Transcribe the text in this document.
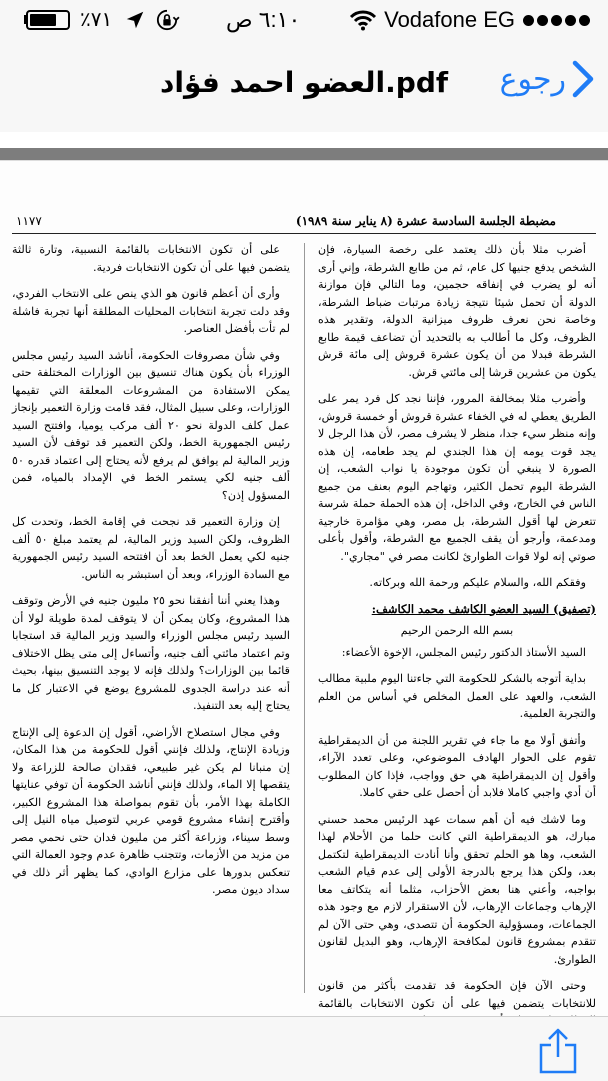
٪٧١	٦:١٠ ص	Vodafone EG
العضو احمد فؤاد.pdf رجوع
مضبطة الجلسة السادسة عشرة (٨ يناير سنة ١٩٨٩)
١١٧٧

أضرب مثلا بأن ذلك يعتمد على رخصة السيارة، فإن الشخص يدفع جنيها كل عام، ثم من طابع الشرطة، وإني أرى أنه لو يضرب في إنفاقه حجمين، وما التالي فإن موازنة الدولة أن تحمل شيئا نتيجة زيادة مرتبات ضباط الشرطة، وخاصة نحن نعرف ظروف ميزانية الدولة، وتقدير هذه الظروف، وكل ما أطالب به بالتحديد أن تضاعف قيمة طابع الشرطة فبدلا من أن يكون عشرة قروش إلى مائة قرش يكون من عشرين قرشا إلى مائتي قرش.

وأضرب مثلا بمخالفة المرور، فإننا نجد كل فرد يمر على الطريق يعطي له في الخفاء عشرة قروش أو خمسة قروش، وإنه منظر سيء جدا، منظر لا يشرف مصر، لأن هذا الرجل لا يجد قوت يومه إن هذا الجندي لم يجد طعامه، إن هذه الصورة لا ينبغي أن تكون موجودة يا نواب الشعب، إن الشرطة اليوم تحمل الكثير، وتهاجم اليوم بعنف من جميع الناس في الخارج، وفي الداخل، إن هذه الحملة حملة شرسة تتعرض لها أقول الشرطة، بل مصر، وهي مؤامرة خارجية ومدعمة، وأرجو أن يقف الجميع مع الشرطة، وأقول بأعلى صوتي إنه لولا قوات الطوارئ لكانت مصر في "مجاري".

وفقكم الله، والسلام عليكم ورحمة الله وبركاته.

(تصفيق) السيد العضو الكاشف محمد الكاشف:

بسم الله الرحمن الرحيم

السيد الأستاذ الدكتور رئيس المجلس، الإخوة الأعضاء:

بداية أتوجه بالشكر للحكومة التي جاءتنا اليوم ملبية مطالب الشعب، والعهد على العمل المخلص في أساس من العلم والتجربة العلمية.

وأتفق أولا مع ما جاء في تقرير اللجنة من أن الديمقراطية تقوم على الحوار الهادف الموضوعي، وعلى تعدد الآراء، وأقول إن الديمقراطية هي حق وواجب، فإذا كان المطلوب أن أدي واجبي كاملا فلابد أن أحصل على حقي كاملا.

وما لاشك فيه أن أهم سمات عهد الرئيس محمد حسني مبارك، هو الديمقراطية التي كانت حلما من الأحلام لهذا الشعب، وها هو الحلم تحقق وأنا أنادت الديمقراطية لتكتمل بعد، ولكن هذا يرجع بالدرجة الأولى إلى عدم قيام الشعب بواجبه، وأعني هنا بعض الأحزاب، مثلما أنه يتكاتف معا الإرهاب وجماعات الإرهاب، لأن الاستقرار لازم مع وجود هذه الجماعات، ومسؤولية الحكومة أن تتصدى، وهي حتى الآن لم تتقدم بمشروع قانون لمكافحة الإرهاب، وهو البديل لقانون الطوارئ.

وحتى الآن فإن الحكومة قد تقدمت بأكثر من قانون للانتخابات يتضمن فيها على أن تكون الانتخابات بالقائمة

على أن تكون الانتخابات بالقائمة النسبية، وتارة ثالثة يتضمن فيها على أن تكون الانتخابات فردية.

وأرى أن أعظم قانون هو الذي ينص على الانتخاب الفردي، وقد دلت تجربة انتخابات المحليات المطلقة أنها تجربة فاشلة لم تأت بأفضل العناصر.

وفي شأن مصروفات الحكومة، أناشد السيد رئيس مجلس الوزراء بأن يكون هناك تنسيق بين الوزارات المختلفة حتى يمكن الاستفادة من المشروعات المعلقة التي تقيمها الوزارات، وعلى سبيل المثال، فقد قامت وزارة التعمير بإنجاز عمل كلف الدولة نحو ٢٠ ألف مركب يوميا، وافتتح السيد رئيس الجمهورية الخط، ولكن التعمير قد توقف لأن السيد وزير المالية لم يوافق لم يرفع لأنه يحتاج إلى اعتماد قدره ٥٠ ألف جنيه لكي يستمر الخط في الإمداد بالمياه، فمن المسؤول إذن؟

إن وزارة التعمير قد نجحت في إقامة الخط، وتحدت كل الظروف، ولكن السيد وزير المالية، لم يعتمد مبلغ ٥٠ ألف جنيه لكي يعمل الخط بعد أن افتتحه السيد رئيس الجمهورية مع السادة الوزراء، وبعد أن استبشر به الناس.

وهذا يعني أننا أنفقنا نحو ٢٥ مليون جنيه في الأرض وتوقف هذا المشروع، وكان يمكن أن لا يتوقف لمدة طويلة لولا أن السيد رئيس مجلس الوزراء والسيد وزير المالية قد استجابا وتم اعتماد مائتي ألف جنيه، وأتساءل إلى متى يظل الاختلاف قائما بين الوزارات؟ ولذلك فإنه لا يوجد التنسيق بينها، بحيث أنه عند دراسة الجدوى للمشروع يوضع في الاعتبار كل ما يحتاج إليه بعد التنفيذ.

وفي مجال استصلاح الأراضي، أقول إن الدعوة إلى الإنتاج وزيادة الإنتاج، ولذلك فإنني أقول للحكومة من هذا المكان، إن منبانا لم يكن غير طبيعي، فقدان صالحة للزراعة ولا يتقصها إلا الماء، ولذلك فإنني أناشد الحكومة أن توفي عنايتها الكاملة بهذا الأمر، بأن تقوم بمواصلة هذا المشروع الكبير، وأقترح إنشاء مشروع قومي عربي لتوصيل مياه النيل إلى وسط سيناء، وزراعة أكثر من مليون فدان حتى نحمي مصر من مزيد من الأزمات، وتتجنب ظاهرة عدم وجود العمالة التي تنعكس بدورها على مزارع الوادي، كما يظهر أثر ذلك في سداد ديون مصر.
